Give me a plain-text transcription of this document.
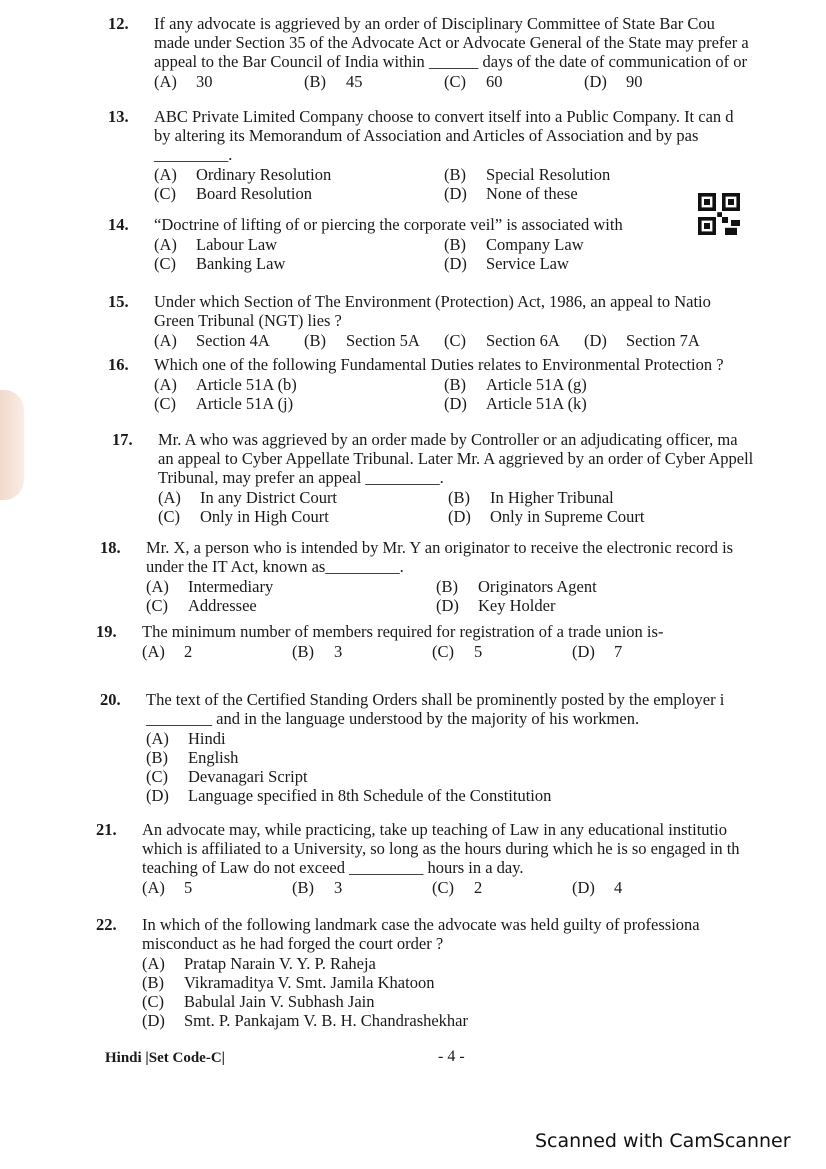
12.	If any advocate is aggrieved by an order of Disciplinary Committee of State Bar Cou
made under Section 35 of the Advocate Act or Advocate General of the State may prefer a
appeal to the Bar Council of India within ______ days of the date of communication of or
(A) 30	(B) 45	(C) 60	(D) 90
13.	ABC Private Limited Company choose to convert itself into a Public Company. It can d
by altering its Memorandum of Association and Articles of Association and by pas
_________.
(A) Ordinary Resolution	(B) Special Resolution
(C) Board Resolution	(D) None of these
14.	“Doctrine of lifting of or piercing the corporate veil” is associated with
(A) Labour Law	(B) Company Law
(C) Banking Law	(D) Service Law
15.	Under which Section of The Environment (Protection) Act, 1986, an appeal to Natio
Green Tribunal (NGT) lies ?
(A) Section 4A	(B) Section 5A	(C) Section 6A	(D) Section 7A
16.	Which one of the following Fundamental Duties relates to Environmental Protection ?
(A) Article 51A (b)	(B) Article 51A (g)
(C) Article 51A (j)	(D) Article 51A (k)
17.	Mr. A who was aggrieved by an order made by Controller or an adjudicating officer, ma
an appeal to Cyber Appellate Tribunal. Later Mr. A aggrieved by an order of Cyber Appell
Tribunal, may prefer an appeal _________.
(A) In any District Court	(B) In Higher Tribunal
(C) Only in High Court	(D) Only in Supreme Court
18.	Mr. X, a person who is intended by Mr. Y an originator to receive the electronic record is
under the IT Act, known as_________.
(A) Intermediary	(B) Originators Agent
(C) Addressee	(D) Key Holder
19.	The minimum number of members required for registration of a trade union is-
(A) 2	(B) 3	(C) 5	(D) 7
20.	The text of the Certified Standing Orders shall be prominently posted by the employer i
________ and in the language understood by the majority of his workmen.
(A) Hindi
(B) English
(C) Devanagari Script
(D) Language specified in 8th Schedule of the Constitution
21.	An advocate may, while practicing, take up teaching of Law in any educational institutio
which is affiliated to a University, so long as the hours during which he is so engaged in th
teaching of Law do not exceed _________ hours in a day.
(A) 5	(B) 3	(C) 2	(D) 4
22.	In which of the following landmark case the advocate was held guilty of professiona
misconduct as he had forged the court order ?
(A) Pratap Narain V. Y. P. Raheja
(B) Vikramaditya V. Smt. Jamila Khatoon
(C) Babulal Jain V. Subhash Jain
(D) Smt. P. Pankajam V. B. H. Chandrashekhar
Hindi |Set Code-C|	- 4 -
Scanned with CamScanner
